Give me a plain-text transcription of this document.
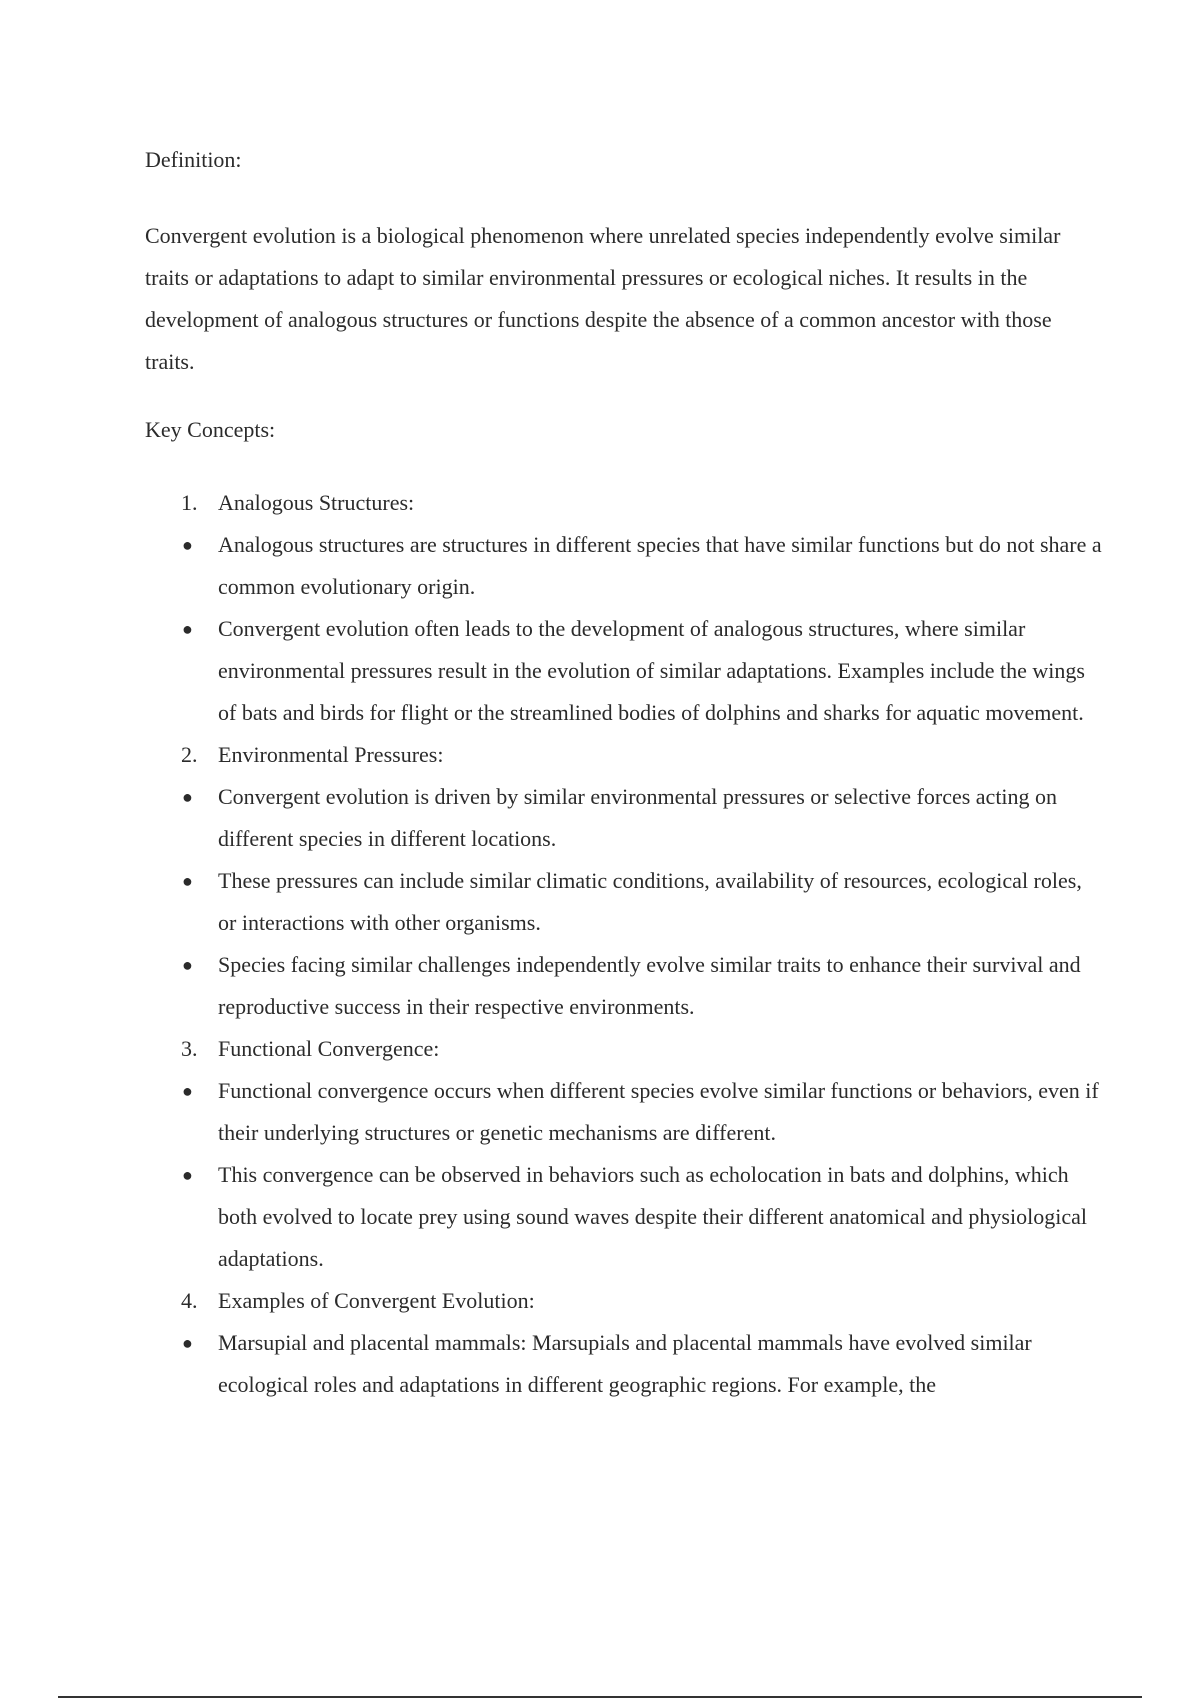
Definition:

Convergent evolution is a biological phenomenon where unrelated species independently evolve similar traits or adaptations to adapt to similar environmental pressures or ecological niches. It results in the development of analogous structures or functions despite the absence of a common ancestor with those traits.

Key Concepts:

1. Analogous Structures:
●	Analogous structures are structures in different species that have similar functions but do not share a common evolutionary origin.
●	Convergent evolution often leads to the development of analogous structures, where similar environmental pressures result in the evolution of similar adaptations. Examples include the wings of bats and birds for flight or the streamlined bodies of dolphins and sharks for aquatic movement.
2. Environmental Pressures:
●	Convergent evolution is driven by similar environmental pressures or selective forces acting on different species in different locations.
●	These pressures can include similar climatic conditions, availability of resources, ecological roles, or interactions with other organisms.
●	Species facing similar challenges independently evolve similar traits to enhance their survival and reproductive success in their respective environments.
3. Functional Convergence:
●	Functional convergence occurs when different species evolve similar functions or behaviors, even if their underlying structures or genetic mechanisms are different.
●	This convergence can be observed in behaviors such as echolocation in bats and dolphins, which both evolved to locate prey using sound waves despite their different anatomical and physiological adaptations.
4. Examples of Convergent Evolution:
●	Marsupial and placental mammals: Marsupials and placental mammals have evolved similar ecological roles and adaptations in different geographic regions. For example, the
